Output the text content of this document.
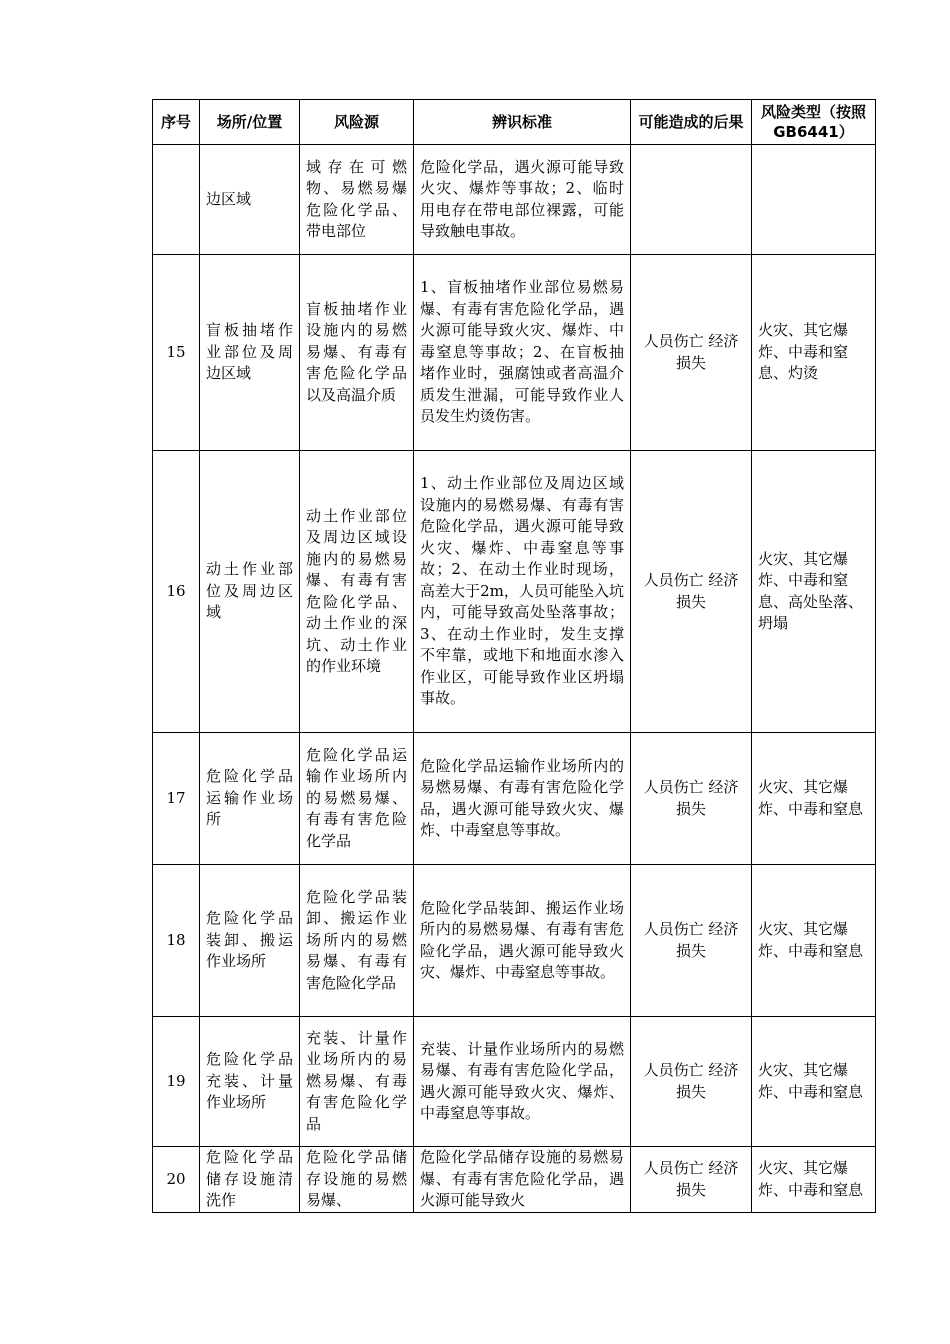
序号	场所/位置	风险源	辨识标准	可能造成的后果	风险类型（按照GB6441）
	边区域	域存在可燃物、易燃易爆危险化学品、带电部位	危险化学品，遇火源可能导致火灾、爆炸等事故；2、临时用电存在带电部位裸露，可能导致触电事故。		
15	盲板抽堵作业部位及周边区域	盲板抽堵作业设施内的易燃易爆、有毒有害危险化学品以及高温介质	1、盲板抽堵作业部位易燃易爆、有毒有害危险化学品，遇火源可能导致火灾、爆炸、中毒窒息等事故；2、在盲板抽堵作业时，强腐蚀或者高温介质发生泄漏，可能导致作业人员发生灼烫伤害。	人员伤亡 经济损失	火灾、其它爆炸、中毒和窒息、灼烫
16	动土作业部位及周边区域	动土作业部位及周边区域设施内的易燃易爆、有毒有害危险化学品、动土作业的深坑、动土作业的作业环境	1、动土作业部位及周边区域设施内的易燃易爆、有毒有害危险化学品，遇火源可能导致火灾、爆炸、中毒窒息等事故；2、在动土作业时现场，高差大于2m，人员可能坠入坑内，可能导致高处坠落事故；3、在动土作业时，发生支撑不牢靠，或地下和地面水渗入作业区，可能导致作业区坍塌事故。	人员伤亡 经济损失	火灾、其它爆炸、中毒和窒息、高处坠落、坍塌
17	危险化学品运输作业场所	危险化学品运输作业场所内的易燃易爆、有毒有害危险化学品	危险化学品运输作业场所内的易燃易爆、有毒有害危险化学品，遇火源可能导致火灾、爆炸、中毒窒息等事故。	人员伤亡 经济损失	火灾、其它爆炸、中毒和窒息
18	危险化学品装卸、搬运作业场所	危险化学品装卸、搬运作业场所内的易燃易爆、有毒有害危险化学品	危险化学品装卸、搬运作业场所内的易燃易爆、有毒有害危险化学品，遇火源可能导致火灾、爆炸、中毒窒息等事故。	人员伤亡 经济损失	火灾、其它爆炸、中毒和窒息
19	危险化学品充装、计量作业场所	充装、计量作业场所内的易燃易爆、有毒有害危险化学品	充装、计量作业场所内的易燃易爆、有毒有害危险化学品，遇火源可能导致火灾、爆炸、中毒窒息等事故。	人员伤亡 经济损失	火灾、其它爆炸、中毒和窒息
20	危险化学品储存设施清洗作	危险化学品储存设施的易燃易爆、	危险化学品储存设施的易燃易爆、有毒有害危险化学品，遇火源可能导致火	人员伤亡 经济损失	火灾、其它爆炸、中毒和窒息
